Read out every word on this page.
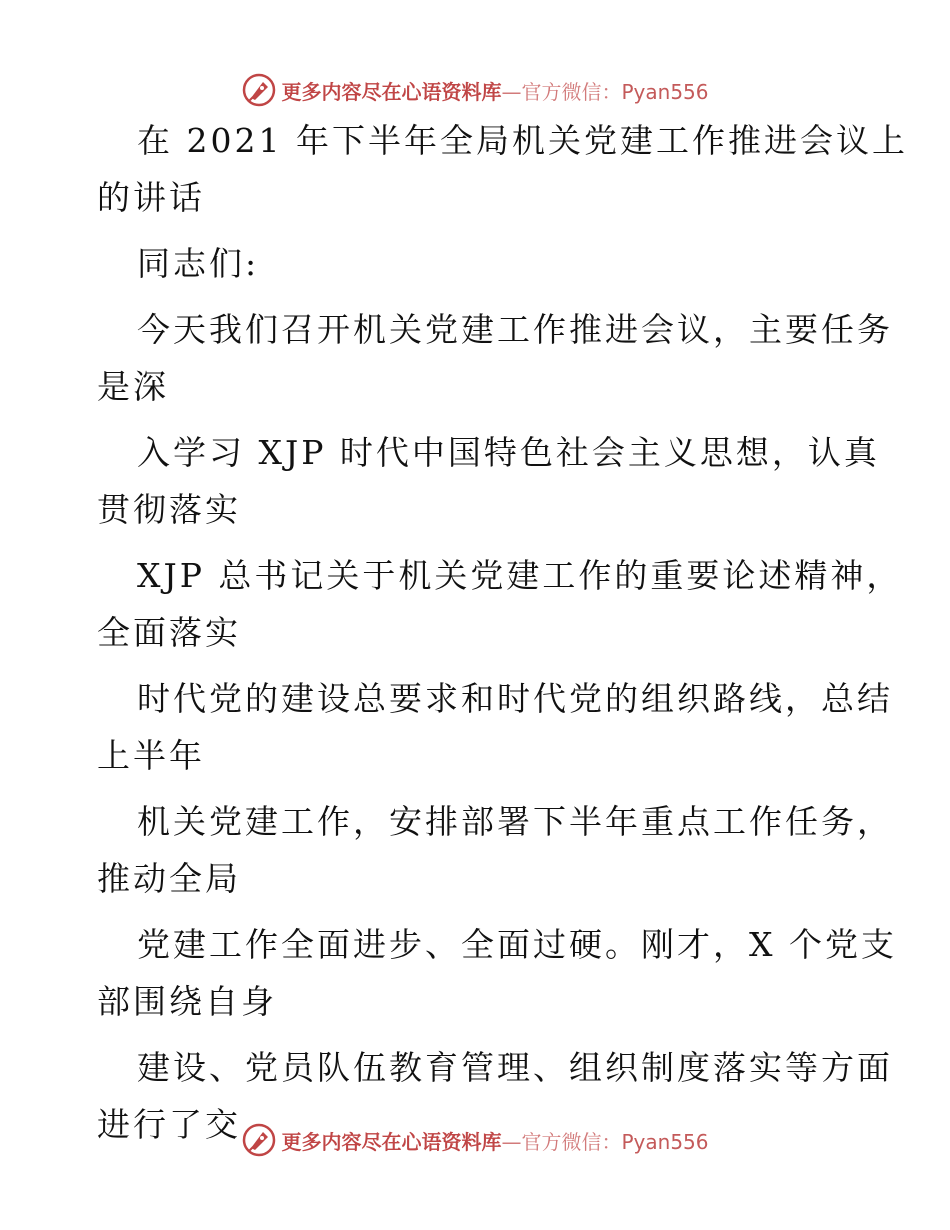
更多内容尽在心语资料库—官方微信：Pyan556

在 2021 年下半年全局机关党建工作推进会议上

的讲话

同志们:

今天我们召开机关党建工作推进会议，主要任务

是深

入学习 XJP 时代中国特色社会主义思想，认真

贯彻落实

XJP 总书记关于机关党建工作的重要论述精神，

全面落实

时代党的建设总要求和时代党的组织路线，总结

上半年

机关党建工作，安排部署下半年重点工作任务，

推动全局

党建工作全面进步、全面过硬。刚才，X 个党支

部围绕自身

建设、党员队伍教育管理、组织制度落实等方面

进行了交	更多内容尽在心语资料库—官方微信：Pyan556
